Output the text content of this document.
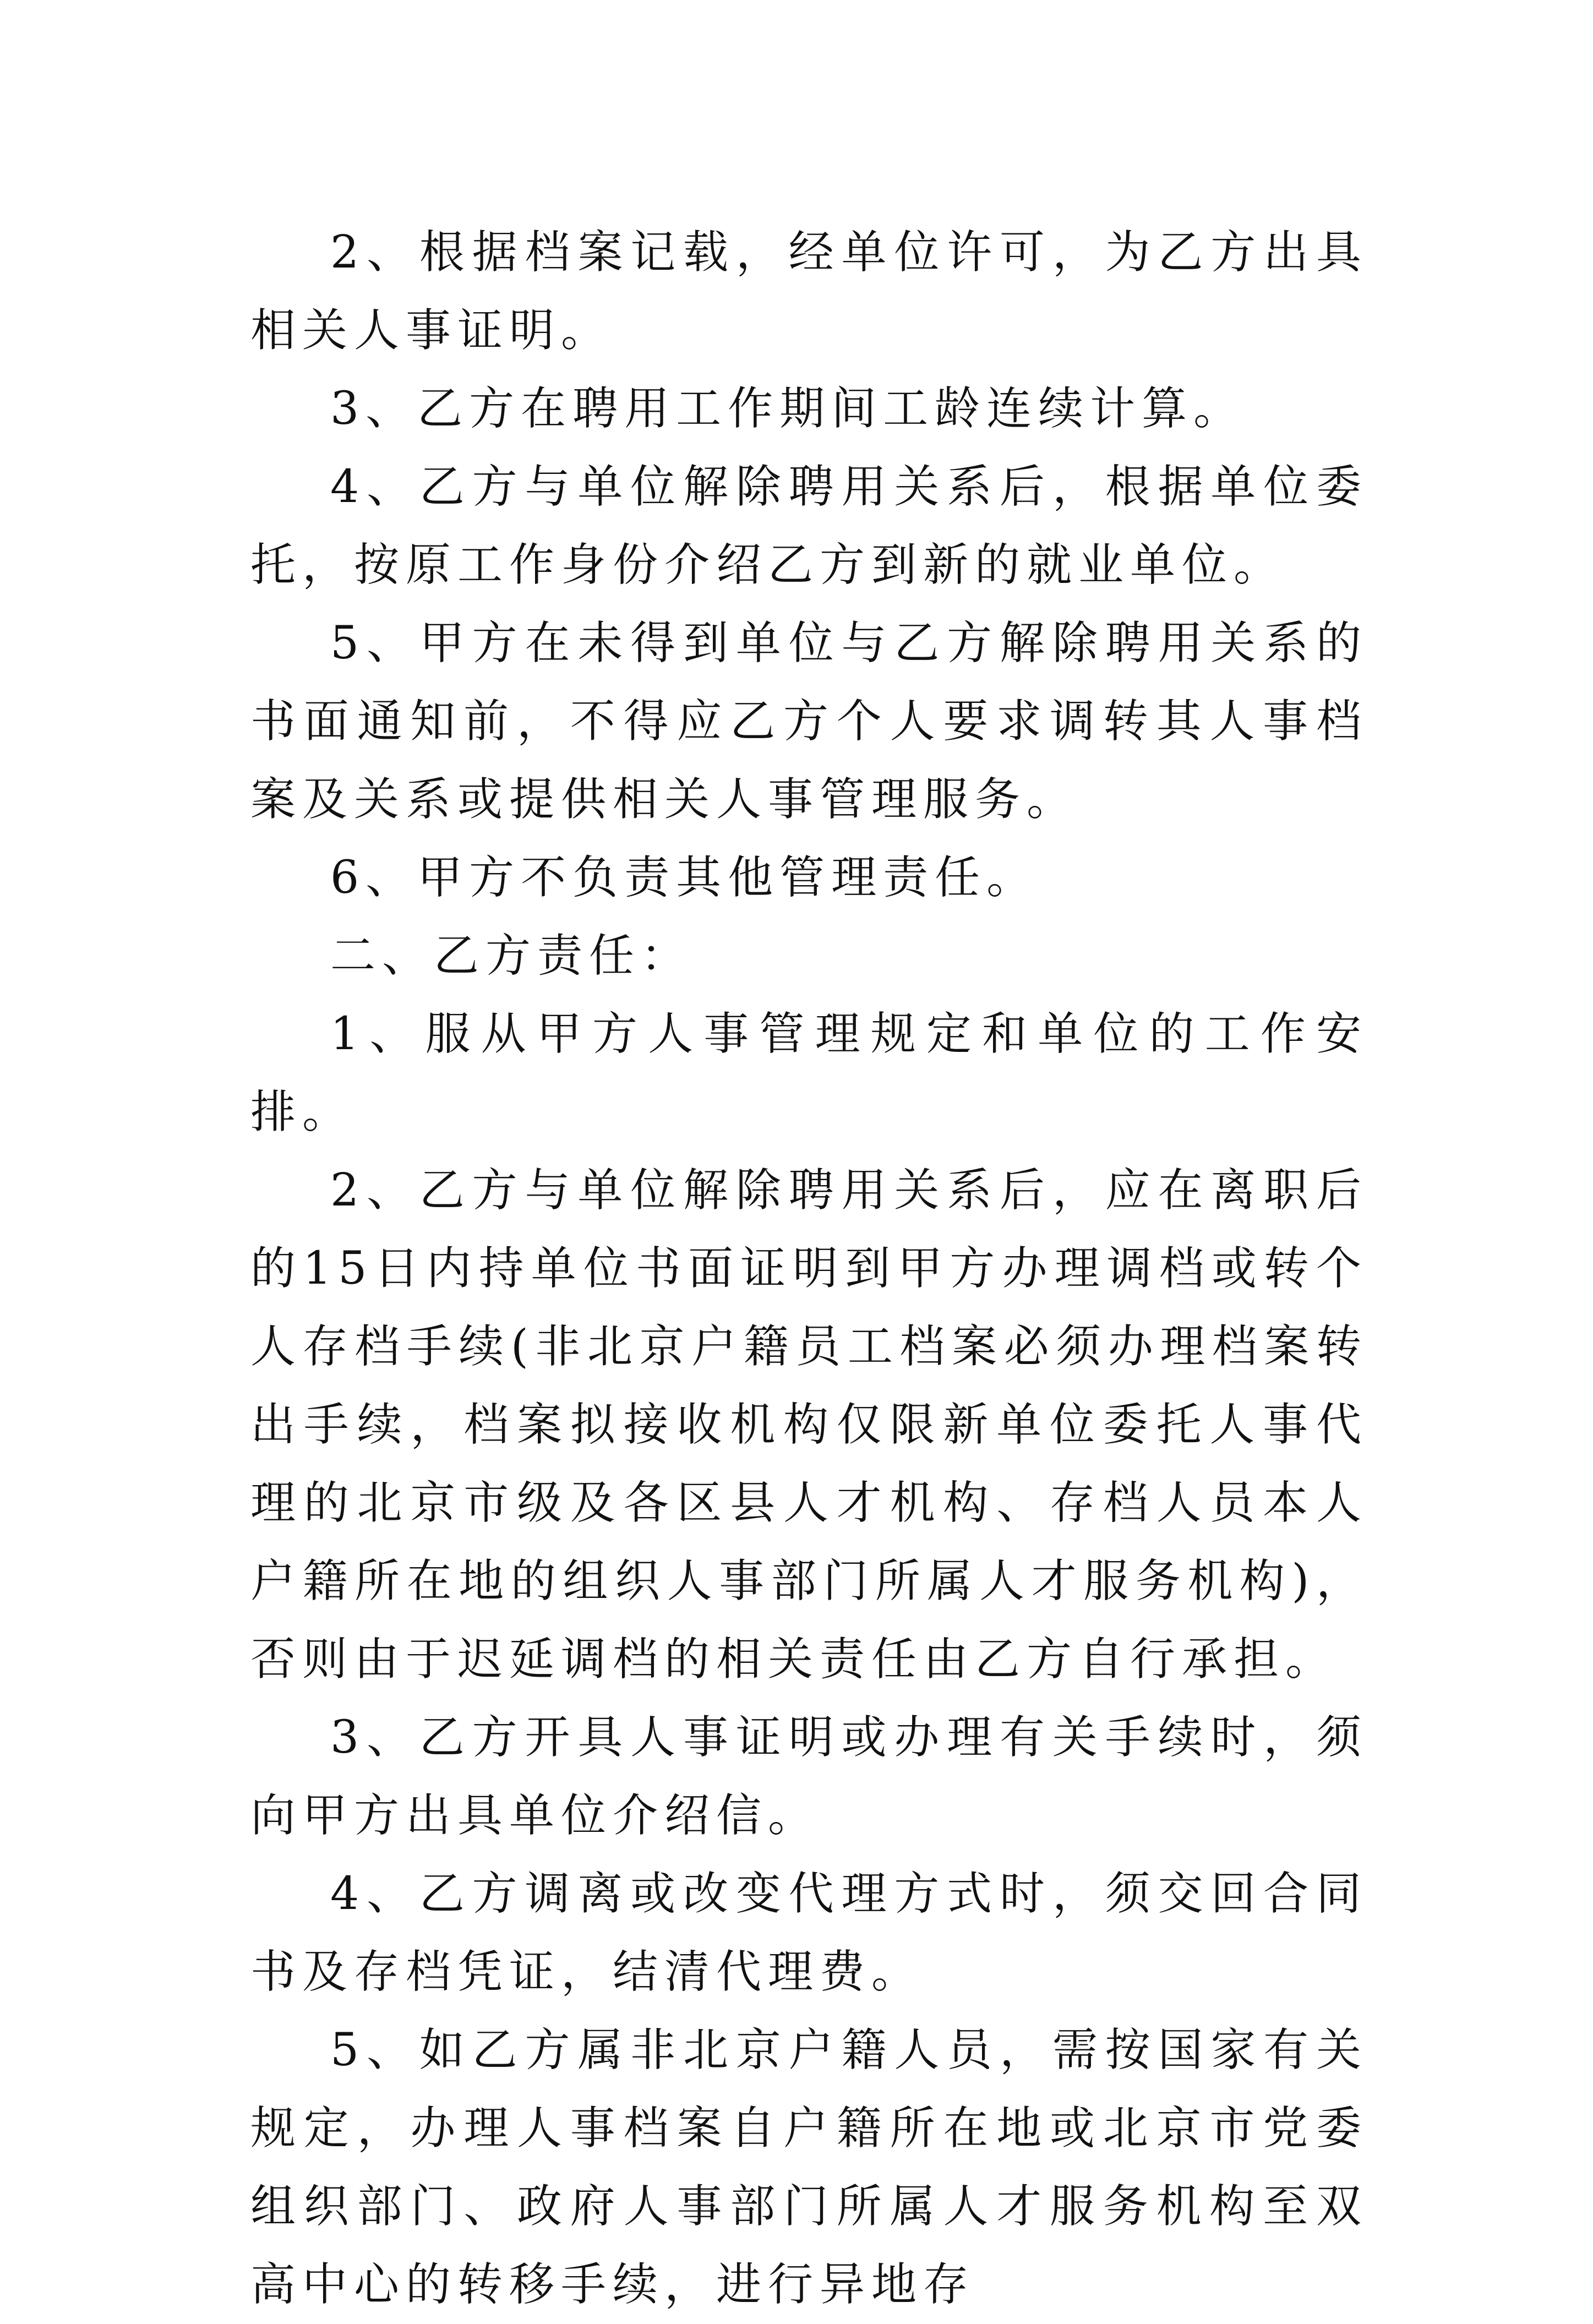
2、根据档案记载，经单位许可，为乙方出具相关人事证明。

3、乙方在聘用工作期间工龄连续计算。

4、乙方与单位解除聘用关系后，根据单位委托，按原工作身份介绍乙方到新的就业单位。

5、甲方在未得到单位与乙方解除聘用关系的书面通知前，不得应乙方个人要求调转其人事档案及关系或提供相关人事管理服务。

6、甲方不负责其他管理责任。

二、乙方责任：

1、服从甲方人事管理规定和单位的工作安排。

2、乙方与单位解除聘用关系后，应在离职后的15日内持单位书面证明到甲方办理调档或转个人存档手续(非北京户籍员工档案必须办理档案转出手续，档案拟接收机构仅限新单位委托人事代理的北京市级及各区县人才机构、存档人员本人户籍所在地的组织人事部门所属人才服务机构)，否则由于迟延调档的相关责任由乙方自行承担。

3、乙方开具人事证明或办理有关手续时，须向甲方出具单位介绍信。

4、乙方调离或改变代理方式时，须交回合同书及存档凭证，结清代理费。

5、如乙方属非北京户籍人员，需按国家有关规定，办理人事档案自户籍所在地或北京市党委组织部门、政府人事部门所属人才服务机构至双高中心的转移手续，进行异地存
